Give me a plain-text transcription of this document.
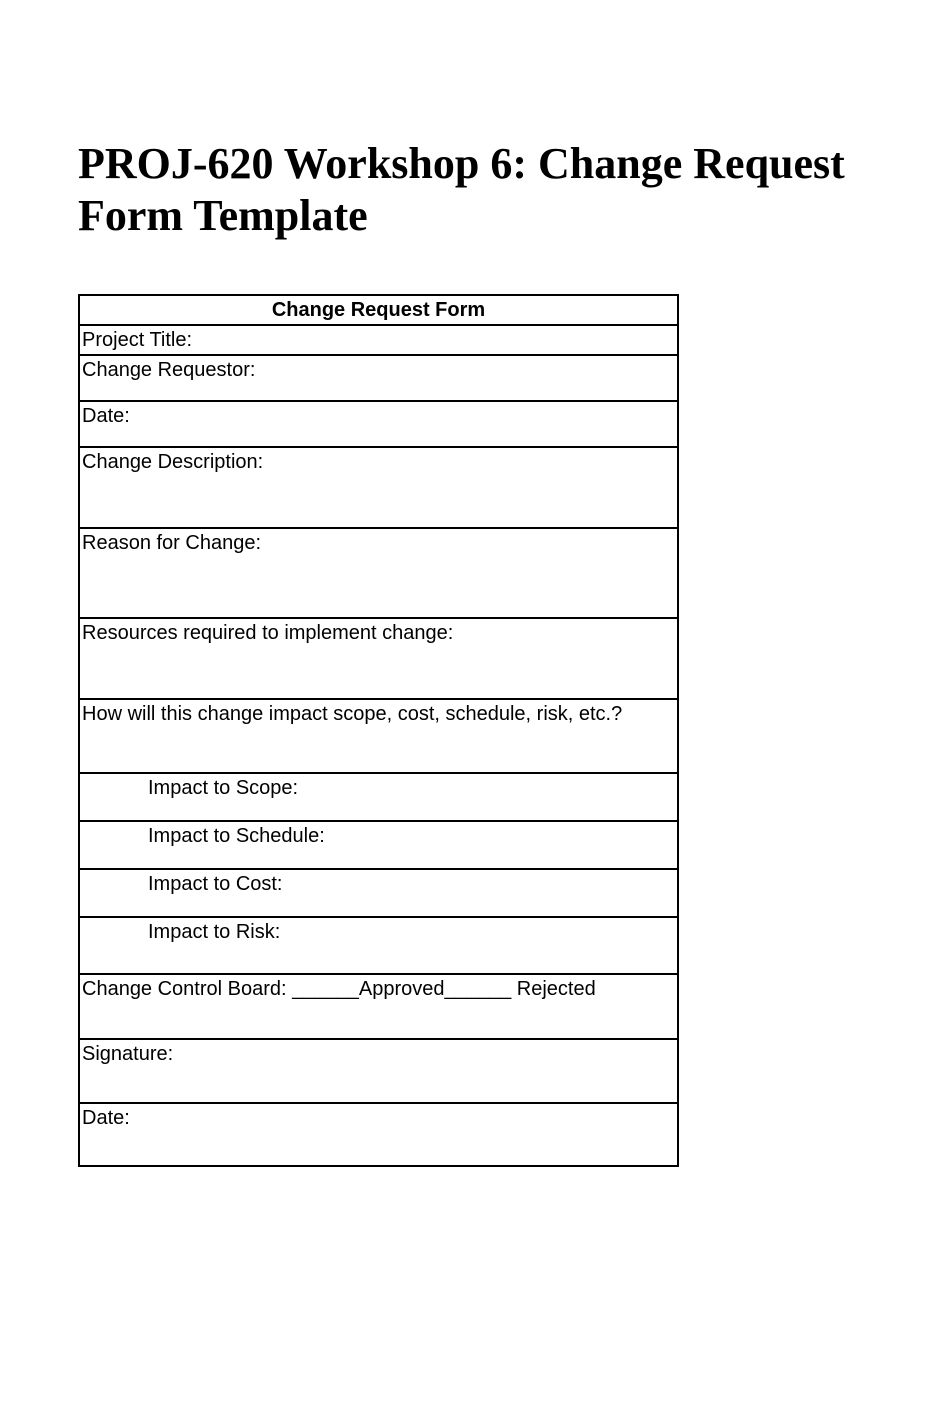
PROJ-620 Workshop 6: Change Request Form Template
Change Request Form
Project Title:
Change Requestor:
Date:
Change Description:
Reason for Change:
Resources required to implement change:
How will this change impact scope, cost, schedule, risk, etc.?
Impact to Scope:
Impact to Schedule:
Impact to Cost:
Impact to Risk:
Change Control Board: ______Approved______ Rejected
Signature:
Date:
